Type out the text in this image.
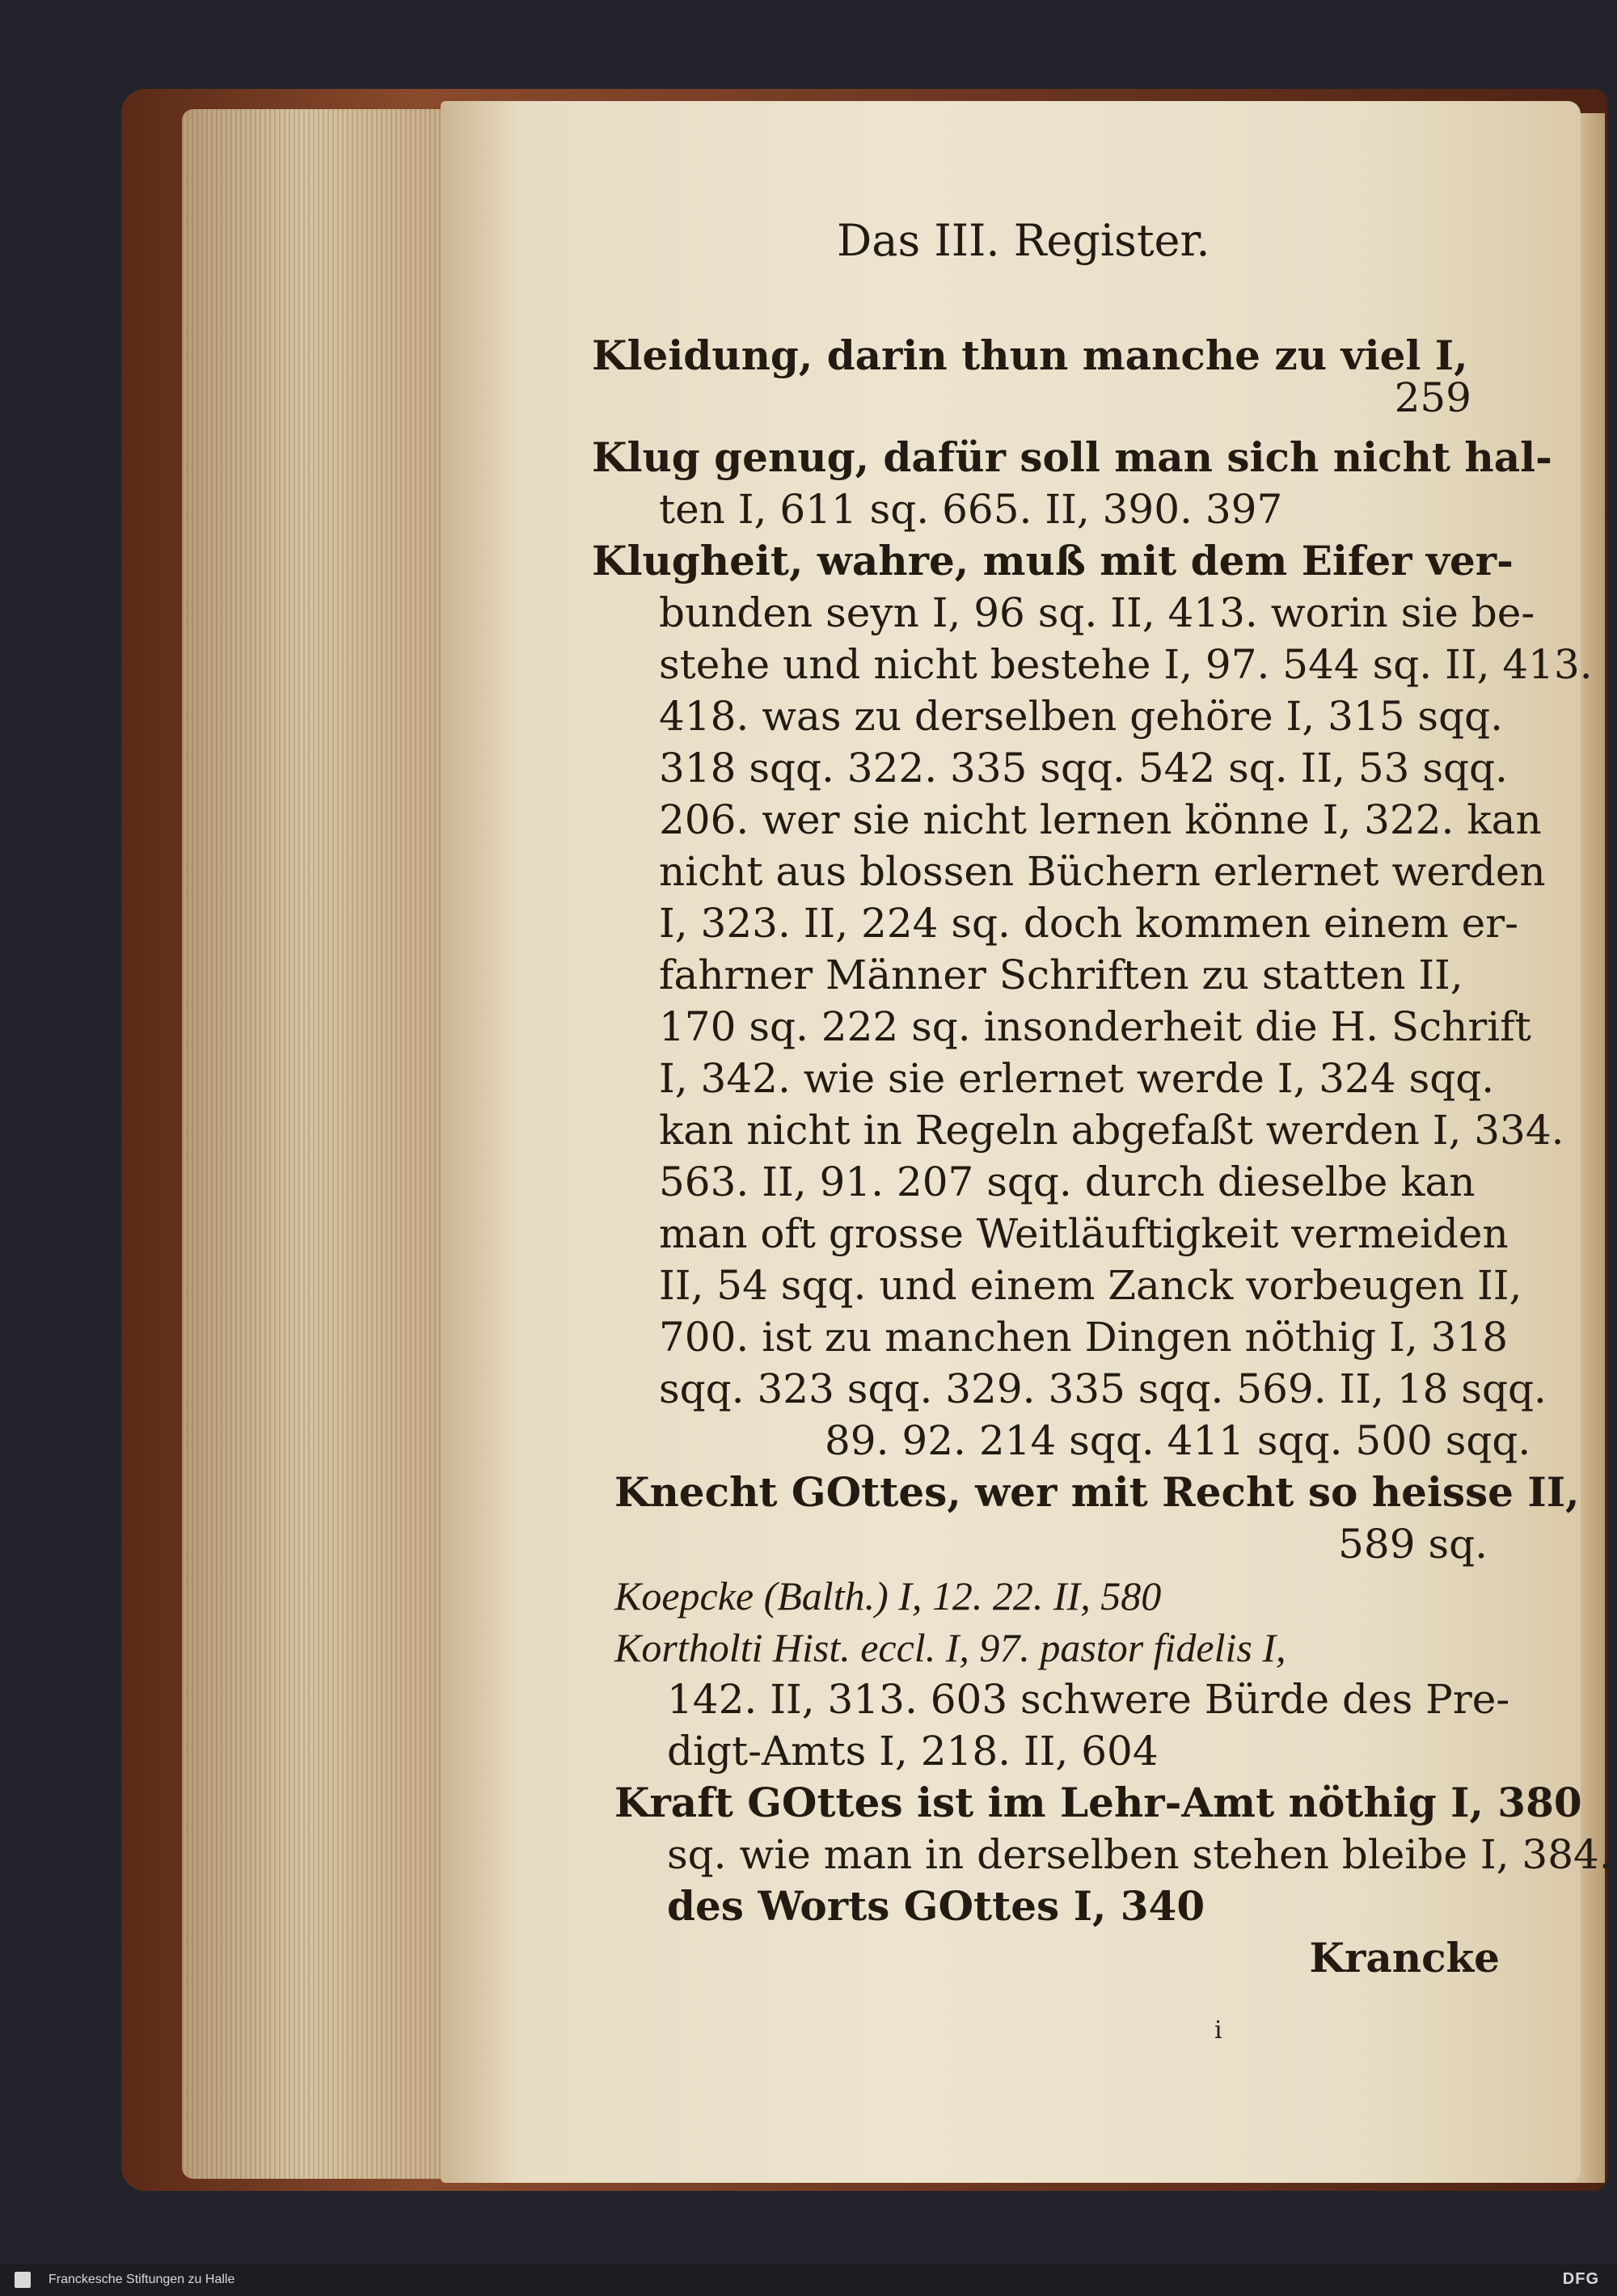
Das III. Register.
Kleidung, darin thun manche zu viel I,
259
Klug genug, dafür soll man sich nicht hal-
ten I, 611 sq. 665. II, 390. 397
Klugheit, wahre, muß mit dem Eifer ver-
bunden seyn I, 96 sq. II, 413. worin sie be-
stehe und nicht bestehe I, 97. 544 sq. II, 413.
418. was zu derselben gehöre I, 315 sqq.
318 sqq. 322. 335 sqq. 542 sq. II, 53 sqq.
206. wer sie nicht lernen könne I, 322. kan
nicht aus blossen Büchern erlernet werden
I, 323. II, 224 sq. doch kommen einem er-
fahrner Männer Schriften zu statten II,
170 sq. 222 sq. insonderheit die H. Schrift
I, 342. wie sie erlernet werde I, 324 sqq.
kan nicht in Regeln abgefaßt werden I, 334.
563. II, 91. 207 sqq. durch dieselbe kan
man oft grosse Weitläuftigkeit vermeiden
II, 54 sqq. und einem Zanck vorbeugen II,
700. ist zu manchen Dingen nöthig I, 318
sqq. 323 sqq. 329. 335 sqq. 569. II, 18 sqq.
89. 92. 214 sqq. 411 sqq. 500 sqq.
Knecht GOttes, wer mit Recht so heisse II,
589 sq.
Koepcke (Balth.) I, 12. 22. II, 580
Kortholti Hist. eccl. I, 97. pastor fidelis I,
142. II, 313. 603 schwere Bürde des Pre-
digt-Amts I, 218. II, 604
Kraft GOttes ist im Lehr-Amt nöthig I, 380
sq. wie man in derselben stehen bleibe I, 384.
des Worts GOttes I, 340
Krancke
i
Franckesche Stiftungen zu Halle	DFG
